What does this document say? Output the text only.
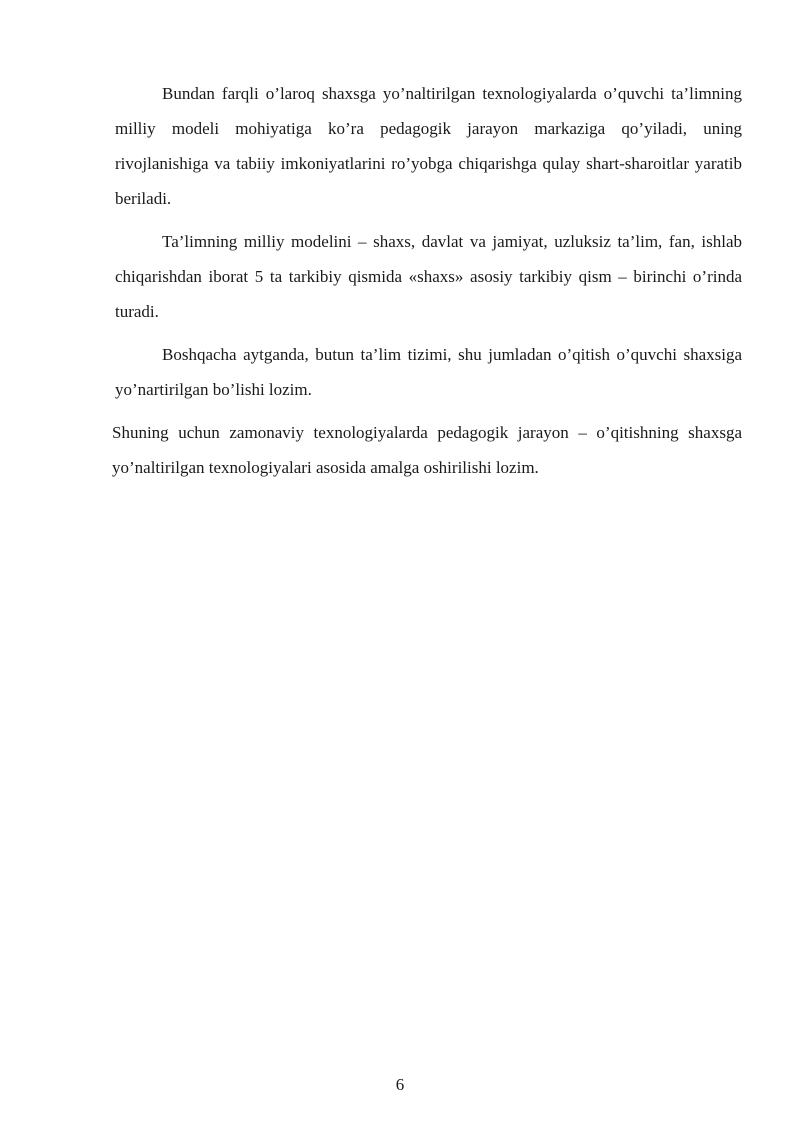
Bundan farqli o’laroq shaxsga yo’naltirilgan texnologiyalarda o’quvchi ta’limning milliy modeli mohiyatiga ko’ra pedagogik jarayon markaziga qo’yiladi, uning rivojlanishiga va tabiiy imkoniyatlarini ro’yobga chiqarishga qulay shart-sharoitlar yaratib beriladi.

Ta’limning milliy modelini – shaxs, davlat va jamiyat, uzluksiz ta’lim, fan, ishlab chiqarishdan iborat 5 ta tarkibiy qismida «shaxs» asosiy tarkibiy qism – birinchi o’rinda turadi.

Boshqacha aytganda, butun ta’lim tizimi, shu jumladan o’qitish o’quvchi shaxsiga yo’nartirilgan bo’lishi lozim.

Shuning uchun zamonaviy texnologiyalarda pedagogik jarayon – o’qitishning shaxsga yo’naltirilgan texnologiyalari asosida amalga oshirilishi lozim.

6
